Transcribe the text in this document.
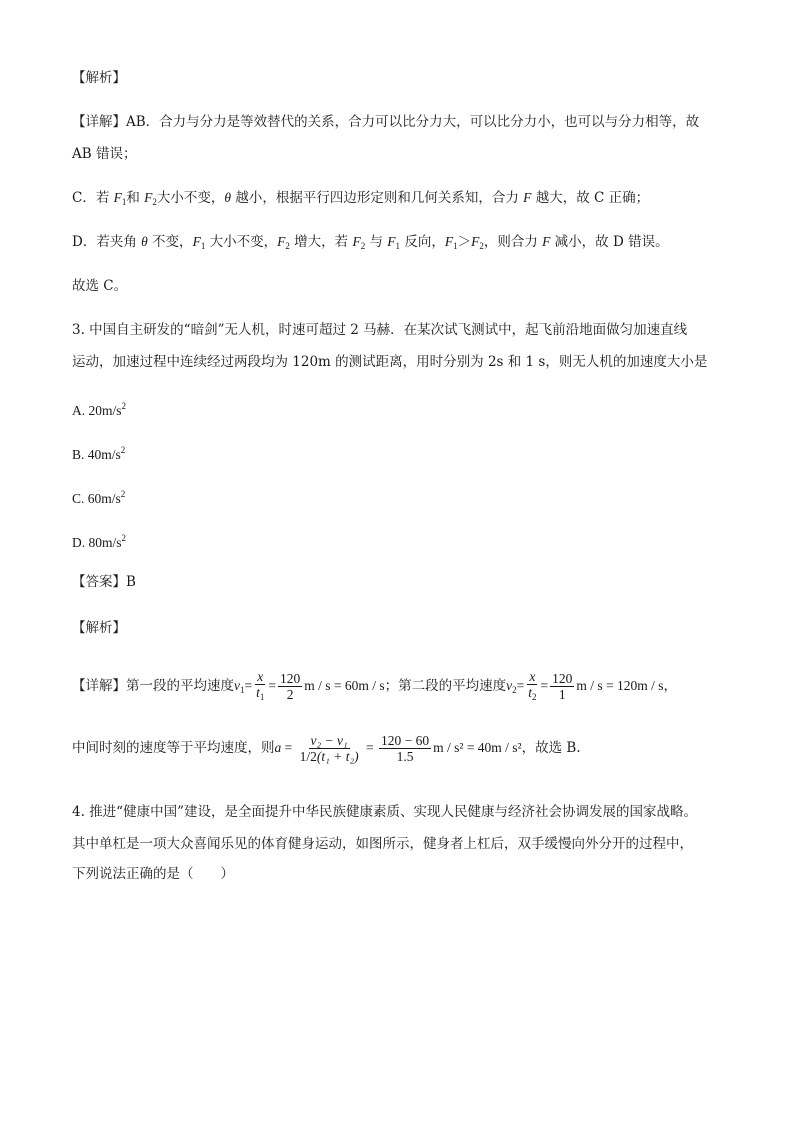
【解析】
【详解】AB．合力与分力是等效替代的关系，合力可以比分力大，可以比分力小，也可以与分力相等，故
AB 错误；
C．若 $F_1$和 $F_2$大小不变，θ 越小，根据平行四边形定则和几何关系知，合力 F 越大，故 C 正确；
D．若夹角 θ 不变，$F_1$ 大小不变，$F_2$ 增大，若 $F_2$ 与 $F_1$ 反向，$F_1>F_2$，则合力 F 减小，故 D 错误。
故选 C。
3. 中国自主研发的“暗剑”无人机，时速可超过 2 马赫．在某次试飞测试中，起飞前沿地面做匀加速直线
运动，加速过程中连续经过两段均为 120m 的测试距离，用时分别为 2s 和 1 s，则无人机的加速度大小是
A. $20m/s^2$
B. $40m/s^2$
C. $60m/s^2$
D. $80m/s^2$
【答案】B
【解析】
【详解】第一段的平均速度$v_1= \frac{x}{t_1} = \frac{120}{2}$ m / s = 60m / s；第二段的平均速度$v_2= \frac{x}{t_2} = \frac{120}{1}$ m / s = 120m / s，
中间时刻的速度等于平均速度，则$a = \frac{\text{v₂ − v₁}}{\text{1/2(t₁ + t₂)}} = \frac{120 - 60}{1.5}$ m / s² = 40m / s²，故选 B.
4. 推进“健康中国”建设，是全面提升中华民族健康素质、实现人民健康与经济社会协调发展的国家战略。
其中单杠是一项大众喜闻乐见的体育健身运动，如图所示，健身者上杠后，双手缓慢向外分开的过程中，
下列说法正确的是（　　）
